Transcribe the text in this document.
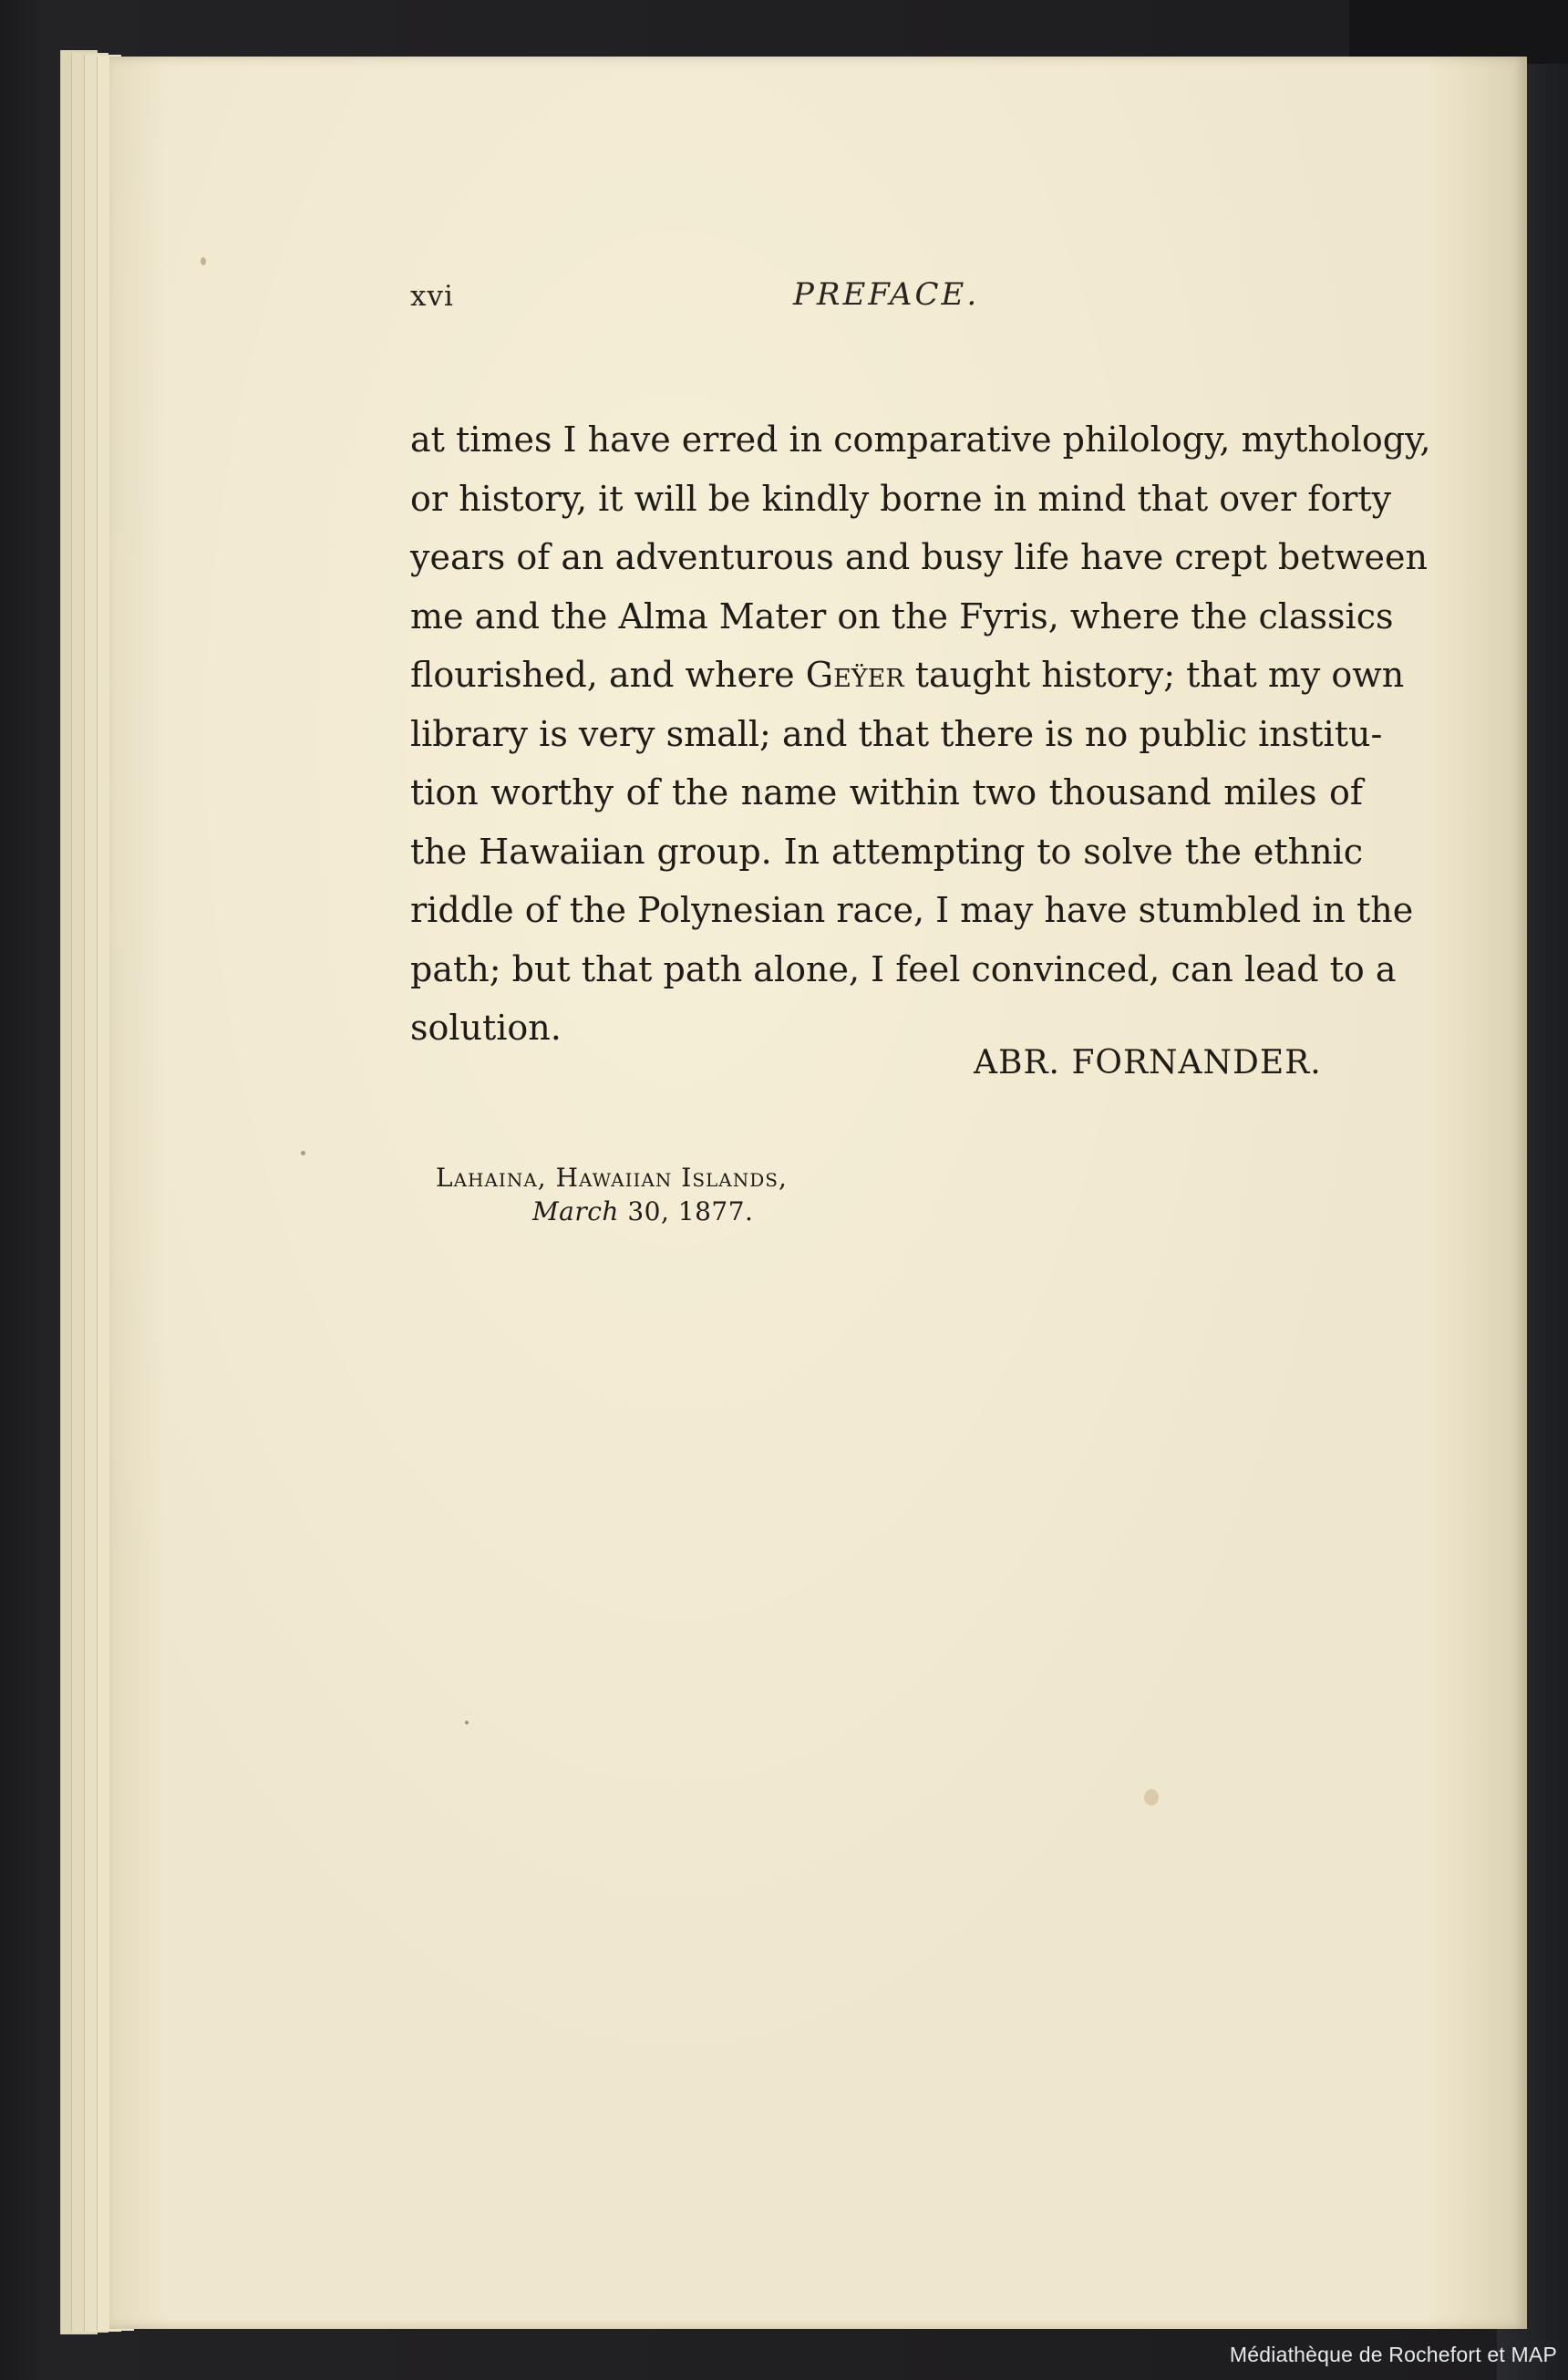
xvi	PREFACE.
at times I have erred in comparative philology, mythology,
or history, it will be kindly borne in mind that over forty
years of an adventurous and busy life have crept between
me and the Alma Mater on the Fyris, where the classics
flourished, and where Geÿer taught history; that my own
library is very small; and that there is no public institu-
tion worthy of the name within two thousand miles of
the Hawaiian group. In attempting to solve the ethnic
riddle of the Polynesian race, I may have stumbled in the
path; but that path alone, I feel convinced, can lead to a
solution.
ABR. FORNANDER.
Lahaina, Hawaiian Islands,
March 30, 1877.
Médiathèque de Rochefort et MAP
